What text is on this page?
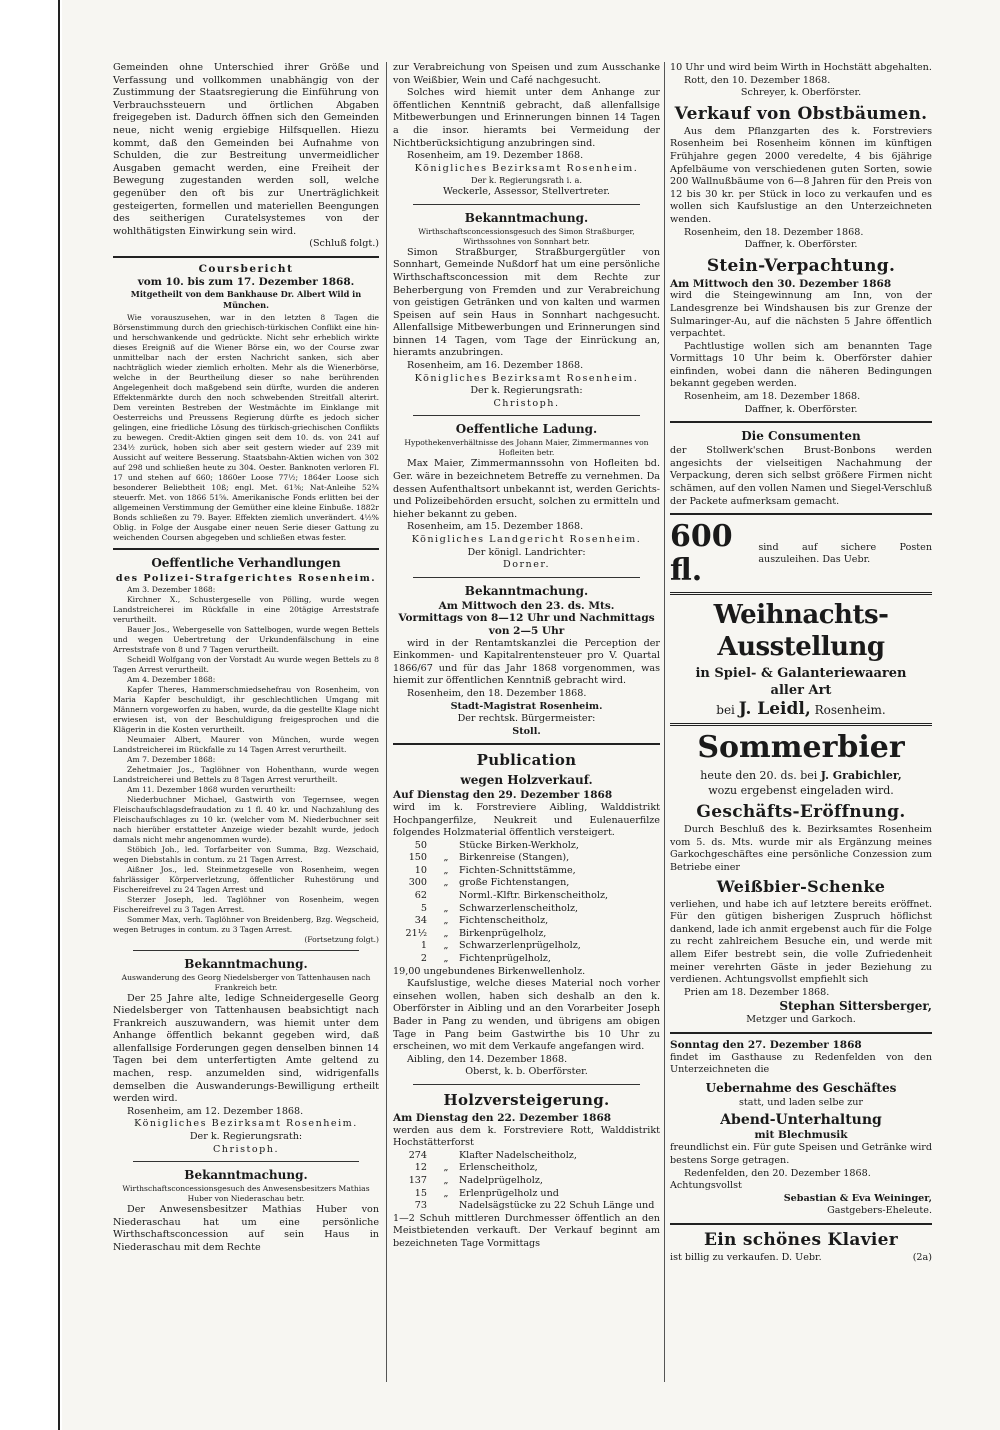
Gemeinden ohne Unterschied ihrer Größe und Verfassung und vollkommen unabhängig von der Zustimmung der Staatsregierung die Einführung von Verbrauchssteuern und örtlichen Abgaben freigegeben ist. Dadurch öffnen sich den Gemeinden neue, nicht wenig ergiebige Hilfsquellen. Hiezu kommt, daß den Gemeinden bei Aufnahme von Schulden, die zur Bestreitung unvermeidlicher Ausgaben gemacht werden, eine Freiheit der Bewegung zugestanden werden soll, welche gegenüber den oft bis zur Unerträglichkeit gesteigerten, formellen und materiellen Beengungen des seitherigen Curatelsystemes von der wohlthätigsten Einwirkung sein wird.

(Schluß folgt.)

Coursbericht
vom 10. bis zum 17. Dezember 1868.

Mitgetheilt von dem Bankhause Dr. Albert Wild in München.

Wie vorauszusehen, war in den letzten 8 Tagen die Börsenstimmung durch den griechisch-türkischen Conflikt eine hin- und herschwankende und gedrückte. Nicht sehr erheblich wirkte dieses Ereigniß auf die Wiener Börse ein, wo der Course zwar unmittelbar nach der ersten Nachricht sanken, sich aber nachträglich wieder ziemlich erholten. Mehr als die Wienerbörse, welche in der Beurtheilung dieser so nahe berührenden Angelegenheit doch maßgebend sein dürfte, wurden die anderen Effektenmärkte durch den noch schwebenden Streitfall alterirt. Dem vereinten Bestreben der Westmächte im Einklange mit Oesterreichs und Preussens Regierung dürfte es jedoch sicher gelingen, eine friedliche Lösung des türkisch-griechischen Conflikts zu bewegen. Credit-Aktien gingen seit dem 10. ds. von 241 auf 234½ zurück, hoben sich aber seit gestern wieder auf 239 mit Aussicht auf weitere Besserung. Staatsbahn-Aktien wichen von 302 auf 298 und schließen heute zu 304. Oester. Banknoten verloren Fl. 17 und stehen auf 660; 1860er Loose 77½; 1864er Loose sich besonderer Beliebtheit 10ß; engl. Met. 61⅜; Nat-Anleihe 52¾ steuerfr. Met. von 1866 51⅝. Amerikanische Fonds erlitten bei der allgemeinen Verstimmung der Gemüther eine kleine Einbuße. 1882r Bonds schließen zu 79. Bayer. Effekten ziemlich unverändert. 4½% Oblig. in Folge der Ausgabe einer neuen Serie dieser Gattung zu weichenden Coursen abgegeben und schließen etwas fester.

Oeffentliche Verhandlungen
des Polizei-Strafgerichtes Rosenheim.

Am 3. Dezember 1868:

Kirchner X., Schustergeselle von Pölling, wurde wegen Landstreicherei im Rückfalle in eine 20tägige Arreststrafe verurtheilt.

Bauer Jos., Webergeselle von Sattelbogen, wurde wegen Bettels und wegen Uebertretung der Urkundenfälschung in eine Arreststrafe von 8 und 7 Tagen verurtheilt.

Scheidl Wolfgang von der Vorstadt Au wurde wegen Bettels zu 8 Tagen Arrest verurtheilt.

Am 4. Dezember 1868:

Kapfer Theres, Hammerschmiedsehefrau von Rosenheim, von Maria Kapfer beschuldigt, ihr geschlechtlichen Umgang mit Männern vorgeworfen zu haben, wurde, da die gestellte Klage nicht erwiesen ist, von der Beschuldigung freigesprochen und die Klägerin in die Kosten verurtheilt.

Neumaier Albert, Maurer von München, wurde wegen Landstreicherei im Rückfalle zu 14 Tagen Arrest verurtheilt.

Am 7. Dezember 1868:

Zehetmaier Jos., Taglöhner von Hohenthann, wurde wegen Landstreicherei und Bettels zu 8 Tagen Arrest verurtheilt.

Am 11. Dezember 1868 wurden verurtheilt:

Niederbuchner Michael, Gastwirth von Tegernsee, wegen Fleischaufschlagsdefraudation zu 1 fl. 40 kr. und Nachzahlung des Fleischaufschlages zu 10 kr. (welcher vom M. Niederbuchner seit nach hierüber erstatteter Anzeige wieder bezahlt wurde, jedoch damals nicht mehr angenommen wurde).

Stöbich Joh., led. Torfarbeiter von Summa, Bzg. Wezschaid, wegen Diebstahls in contum. zu 21 Tagen Arrest.

Aißner Jos., led. Steinmetzgeselle von Rosenheim, wegen fahrlässiger Körperverletzung, öffentlicher Ruhestörung und Fischereifrevel zu 24 Tagen Arrest und

Sterzer Joseph, led. Taglöhner von Rosenheim, wegen Fischereifrevel zu 3 Tagen Arrest.

Sommer Max, verh. Taglöhner von Breidenberg, Bzg. Wegscheid, wegen Betruges in contum. zu 3 Tagen Arrest.

(Fortsetzung folgt.)

Bekanntmachung.

Auswanderung des Georg Niedelsberger von Tattenhausen nach Frankreich betr.

Der 25 Jahre alte, ledige Schneidergeselle Georg Niedelsberger von Tattenhausen beabsichtigt nach Frankreich auszuwandern, was hiemit unter dem Anhange öffentlich bekannt gegeben wird, daß allenfallsige Forderungen gegen denselben binnen 14 Tagen bei dem unterfertigten Amte geltend zu machen, resp. anzumelden sind, widrigenfalls demselben die Auswanderungs-Bewilligung ertheilt werden wird.

Rosenheim, am 12. Dezember 1868.

Königliches Bezirksamt Rosenheim.

Der k. Regierungsrath:

Christoph.

Bekanntmachung.

Wirthschaftsconcessionsgesuch des Anwesensbesitzers Mathias Huber von Niederaschau betr.

Der Anwesensbesitzer Mathias Huber von Niederaschau hat um eine persönliche Wirthschaftsconcession auf sein Haus in Niederaschau mit dem Rechte

zur Verabreichung von Speisen und zum Ausschanke von Weißbier, Wein und Café nachgesucht.

Solches wird hiemit unter dem Anhange zur öffentlichen Kenntniß gebracht, daß allenfallsige Mitbewerbungen und Erinnerungen binnen 14 Tagen a die insor. hieramts bei Vermeidung der Nichtberücksichtigung anzubringen sind.

Rosenheim, am 19. Dezember 1868.

Königliches Bezirksamt Rosenheim.

Der k. Regierungsrath i. a.

Weckerle, Assessor, Stellvertreter.

Bekanntmachung.

Wirthschaftsconcessionsgesuch des Simon Straßburger, Wirthssohnes von Sonnhart betr.

Simon Straßburger, Straßburgergütler von Sonnhart, Gemeinde Nußdorf hat um eine persönliche Wirthschaftsconcession mit dem Rechte zur Beherbergung von Fremden und zur Verabreichung von geistigen Getränken und von kalten und warmen Speisen auf sein Haus in Sonnhart nachgesucht. Allenfallsige Mitbewerbungen und Erinnerungen sind binnen 14 Tagen, vom Tage der Einrückung an, hieramts anzubringen.

Rosenheim, am 16. Dezember 1868.

Königliches Bezirksamt Rosenheim.

Der k. Regierungsrath:

Christoph.

Oeffentliche Ladung.

Hypothekenverhältnisse des Johann Maier, Zimmermannes von Hofleiten betr.

Max Maier, Zimmermannssohn von Hofleiten bd. Ger. wäre in bezeichnetem Betreffe zu vernehmen. Da dessen Aufenthaltsort unbekannt ist, werden Gerichts- und Polizeibehörden ersucht, solchen zu ermitteln und hieher bekannt zu geben.

Rosenheim, am 15. Dezember 1868.

Königliches Landgericht Rosenheim.

Der königl. Landrichter:

Dorner.

Bekanntmachung.

Am Mittwoch den 23. ds. Mts.

Vormittags von 8—12 Uhr und Nachmittags von 2—5 Uhr

wird in der Rentamtskanzlei die Perception der Einkommen- und Kapitalrentensteuer pro V. Quartal 1866/67 und für das Jahr 1868 vorgenommen, was hiemit zur öffentlichen Kenntniß gebracht wird.

Rosenheim, den 18. Dezember 1868.

Stadt-Magistrat Rosenheim.

Der rechtsk. Bürgermeister:

Stoll.

Publication
wegen Holzverkauf.

Auf Dienstag den 29. Dezember 1868

wird im k. Forstreviere Aibling, Walddistrikt Hochpangerfilze, Neukreit und Eulenauerfilze folgendes Holzmaterial öffentlich versteigert.

50	Stücke Birken-Werkholz,
150	„	Birkenreise (Stangen),
10	„	Fichten-Schnittstämme,
300	„	große Fichtenstangen,
62	Norml.-Klftr. Birkenscheitholz,
5	„	Schwarzerlenscheitholz,
34	„	Fichtenscheitholz,
21½	„	Birkenprügelholz,
1	„	Schwarzerlenprügelholz,
2	„	Fichtenprügelholz,

19,00 ungebundenes Birkenwellenholz.

Kaufslustige, welche dieses Material noch vorher einsehen wollen, haben sich deshalb an den k. Oberförster in Aibling und an den Vorarbeiter Joseph Bader in Pang zu wenden, und übrigens am obigen Tage in Pang beim Gastwirthe bis 10 Uhr zu erscheinen, wo mit dem Verkaufe angefangen wird.

Aibling, den 14. Dezember 1868.

Oberst, k. b. Oberförster.

Holzversteigerung.

Am Dienstag den 22. Dezember 1868

werden aus dem k. Forstreviere Rott, Walddistrikt Hochstätterforst

274	Klafter Nadelscheitholz,
12	„	Erlenscheitholz,
137	„	Nadelprügelholz,
15	„	Erlenprügelholz und
73	Nadelsägstücke zu 22 Schuh Länge und

1—2 Schuh mittleren Durchmesser öffentlich an den Meistbietenden verkauft. Der Verkauf beginnt am bezeichneten Tage Vormittags

10 Uhr und wird beim Wirth in Hochstätt abgehalten.

Rott, den 10. Dezember 1868.

Schreyer, k. Oberförster.

Verkauf von Obstbäumen.

Aus dem Pflanzgarten des k. Forstreviers Rosenheim bei Rosenheim können im künftigen Frühjahre gegen 2000 veredelte, 4 bis 6jährige Apfelbäume von verschiedenen guten Sorten, sowie 200 Wallnußbäume von 6—8 Jahren für den Preis von 12 bis 30 kr. per Stück in loco zu verkaufen und es wollen sich Kaufslustige an den Unterzeichneten wenden.

Rosenheim, den 18. Dezember 1868.

Daffner, k. Oberförster.

Stein-Verpachtung.

Am Mittwoch den 30. Dezember 1868

wird die Steingewinnung am Inn, von der Landesgrenze bei Windshausen bis zur Grenze der Sulmaringer-Au, auf die nächsten 5 Jahre öffentlich verpachtet.

Pachtlustige wollen sich am benannten Tage Vormittags 10 Uhr beim k. Oberförster dahier einfinden, wobei dann die näheren Bedingungen bekannt gegeben werden.

Rosenheim, am 18. Dezember 1868.

Daffner, k. Oberförster.

Die Consumenten

der Stollwerk'schen Brust-Bonbons werden angesichts der vielseitigen Nachahmung der Verpackung, deren sich selbst größere Firmen nicht schämen, auf den vollen Namen und Siegel-Verschluß der Packete aufmerksam gemacht.

600 fl.
sind auf sichere Posten auszuleihen. Das Uebr.
Weihnachts-Ausstellung
in Spiel- & Galanteriewaaren
aller Art

bei J. Leidl, Rosenheim.

Sommerbier

heute den 20. ds. bei J. Grabichler,

wozu ergebenst eingeladen wird.

Geschäfts-Eröffnung.

Durch Beschluß des k. Bezirksamtes Rosenheim vom 5. ds. Mts. wurde mir als Ergänzung meines Garkochgeschäftes eine persönliche Conzession zum Betriebe einer

Weißbier-Schenke

verliehen, und habe ich auf letztere bereits eröffnet. Für den gütigen bisherigen Zuspruch höflichst dankend, lade ich anmit ergebenst auch für die Folge zu recht zahlreichem Besuche ein, und werde mit allem Eifer bestrebt sein, die volle Zufriedenheit meiner verehrten Gäste in jeder Beziehung zu verdienen. Achtungsvollst empfiehlt sich

Prien am 18. Dezember 1868.

Stephan Sittersberger,

Metzger und Garkoch.

Sonntag den 27. Dezember 1868

findet im Gasthause zu Redenfelden von den Unterzeichneten die

Uebernahme des Geschäftes

statt, und laden selbe zur

Abend-Unterhaltung
mit Blechmusik

freundlichst ein. Für gute Speisen und Getränke wird bestens Sorge getragen.

Redenfelden, den 20. Dezember 1868.

Achtungsvollst

Sebastian & Eva Weininger,

Gastgebers-Eheleute.

Ein schönes Klavier
ist billig zu verkaufen. D. Uebr.	(2a)
